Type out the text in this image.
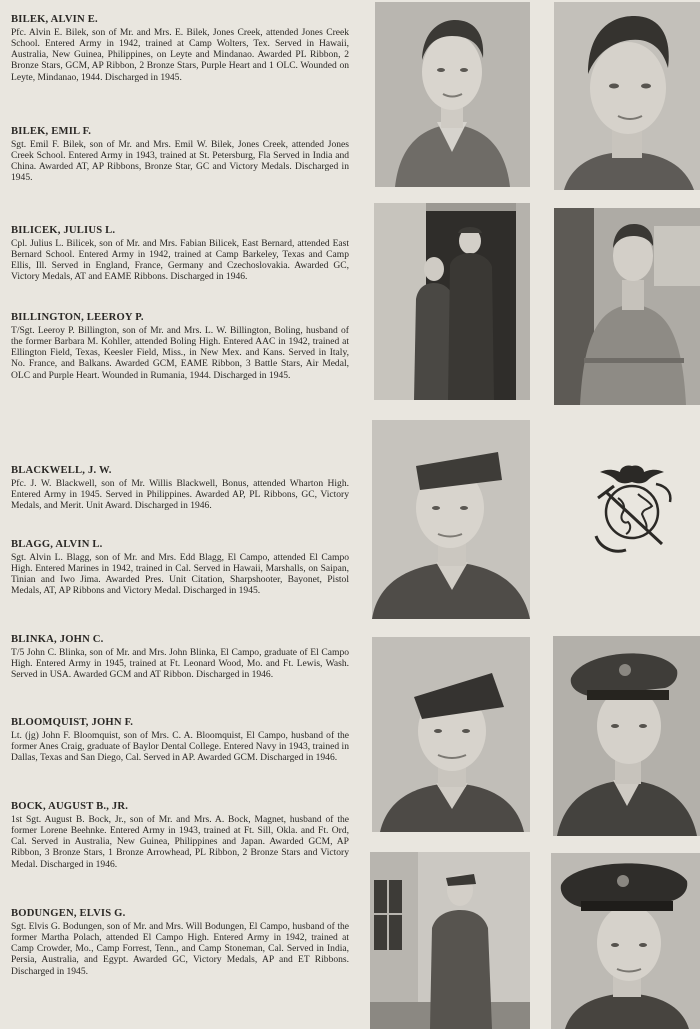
BILEK, ALVIN E.

Pfc. Alvin E. Bilek, son of Mr. and Mrs. E. Bilek, Jones Creek, attended Jones Creek School. Entered Army in 1942, trained at Camp Wolters, Tex. Served in Hawaii, Australia, New Guinea, Philippines, on Leyte and Mindanao. Awarded PL Ribbon, 2 Bronze Stars, GCM, AP Ribbon, 2 Bronze Stars, Purple Heart and 1 OLC. Wounded on Leyte, Mindanao, 1944. Discharged in 1945.

BILEK, EMIL F.

Sgt. Emil F. Bilek, son of Mr. and Mrs. Emil W. Bilek, Jones Creek, attended Jones Creek School. Entered Army in 1943, trained at St. Petersburg, Fla Served in India and China. Awarded AT, AP Ribbons, Bronze Star, GC and Victory Medals. Discharged in 1945.

BILICEK, JULIUS L.

Cpl. Julius L. Bilicek, son of Mr. and Mrs. Fabian Bilicek, East Bernard, attended East Bernard School. Entered Army in 1942, trained at Camp Barkeley, Texas and Camp Ellis, Ill. Served in England, France, Germany and Czechoslovakia. Awarded GC, Victory Medals, AT and EAME Ribbons. Discharged in 1946.

BILLINGTON, LEEROY P.

T/Sgt. Leeroy P. Billington, son of Mr. and Mrs. L. W. Billington, Boling, husband of the former Barbara M. Kohller, attended Boling High. Entered AAC in 1942, trained at Ellington Field, Texas, Keesler Field, Miss., in New Mex. and Kans. Served in Italy, No. France, and Balkans. Awarded GCM, EAME Ribbon, 3 Battle Stars, Air Medal, OLC and Purple Heart. Wounded in Rumania, 1944. Discharged in 1945.

BLACKWELL, J. W.

Pfc. J. W. Blackwell, son of Mr. Willis Blackwell, Bonus, attended Wharton High. Entered Army in 1945. Served in Philippines. Awarded AP, PL Ribbons, GC, Victory Medals, and Merit. Unit Award. Discharged in 1946.

BLAGG, ALVIN L.

Sgt. Alvin L. Blagg, son of Mr. and Mrs. Edd Blagg, El Campo, attended El Campo High. Entered Marines in 1942, trained in Cal. Served in Hawaii, Marshalls, on Saipan, Tinian and Iwo Jima. Awarded Pres. Unit Citation, Sharpshooter, Bayonet, Pistol Medals, AT, AP Ribbons and Victory Medal. Discharged in 1945.

BLINKA, JOHN C.

T/5 John C. Blinka, son of Mr. and Mrs. John Blinka, El Campo, graduate of El Campo High. Entered Army in 1945, trained at Ft. Leonard Wood, Mo. and Ft. Lewis, Wash. Served in USA. Awarded GCM and AT Ribbon. Discharged in 1946.

BLOOMQUIST, JOHN F.

Lt. (jg) John F. Bloomquist, son of Mrs. C. A. Bloomquist, El Campo, husband of the former Anes Craig, graduate of Baylor Dental College. Entered Navy in 1943, trained in Dallas, Texas and San Diego, Cal. Served in AP. Awarded GCM. Discharged in 1946.

BOCK, AUGUST B., JR.

1st Sgt. August B. Bock, Jr., son of Mr. and Mrs. A. Bock, Magnet, husband of the former Lorene Beehnke. Entered Army in 1943, trained at Ft. Sill, Okla. and Ft. Ord, Cal. Served in Australia, New Guinea, Philippines and Japan. Awarded GCM, AP Ribbon, 3 Bronze Stars, 1 Bronze Arrowhead, PL Ribbon, 2 Bronze Stars and Victory Medal. Discharged in 1946.

BODUNGEN, ELVIS G.

Sgt. Elvis G. Bodungen, son of Mr. and Mrs. Will Bodungen, El Campo, husband of the former Martha Polach, attended El Campo High. Entered Army in 1942, trained at Camp Crowder, Mo., Camp Forrest, Tenn., and Camp Stoneman, Cal. Served in India, Persia, Australia, and Egypt. Awarded GC, Victory Medals, AP and ET Ribbons. Discharged in 1945.
